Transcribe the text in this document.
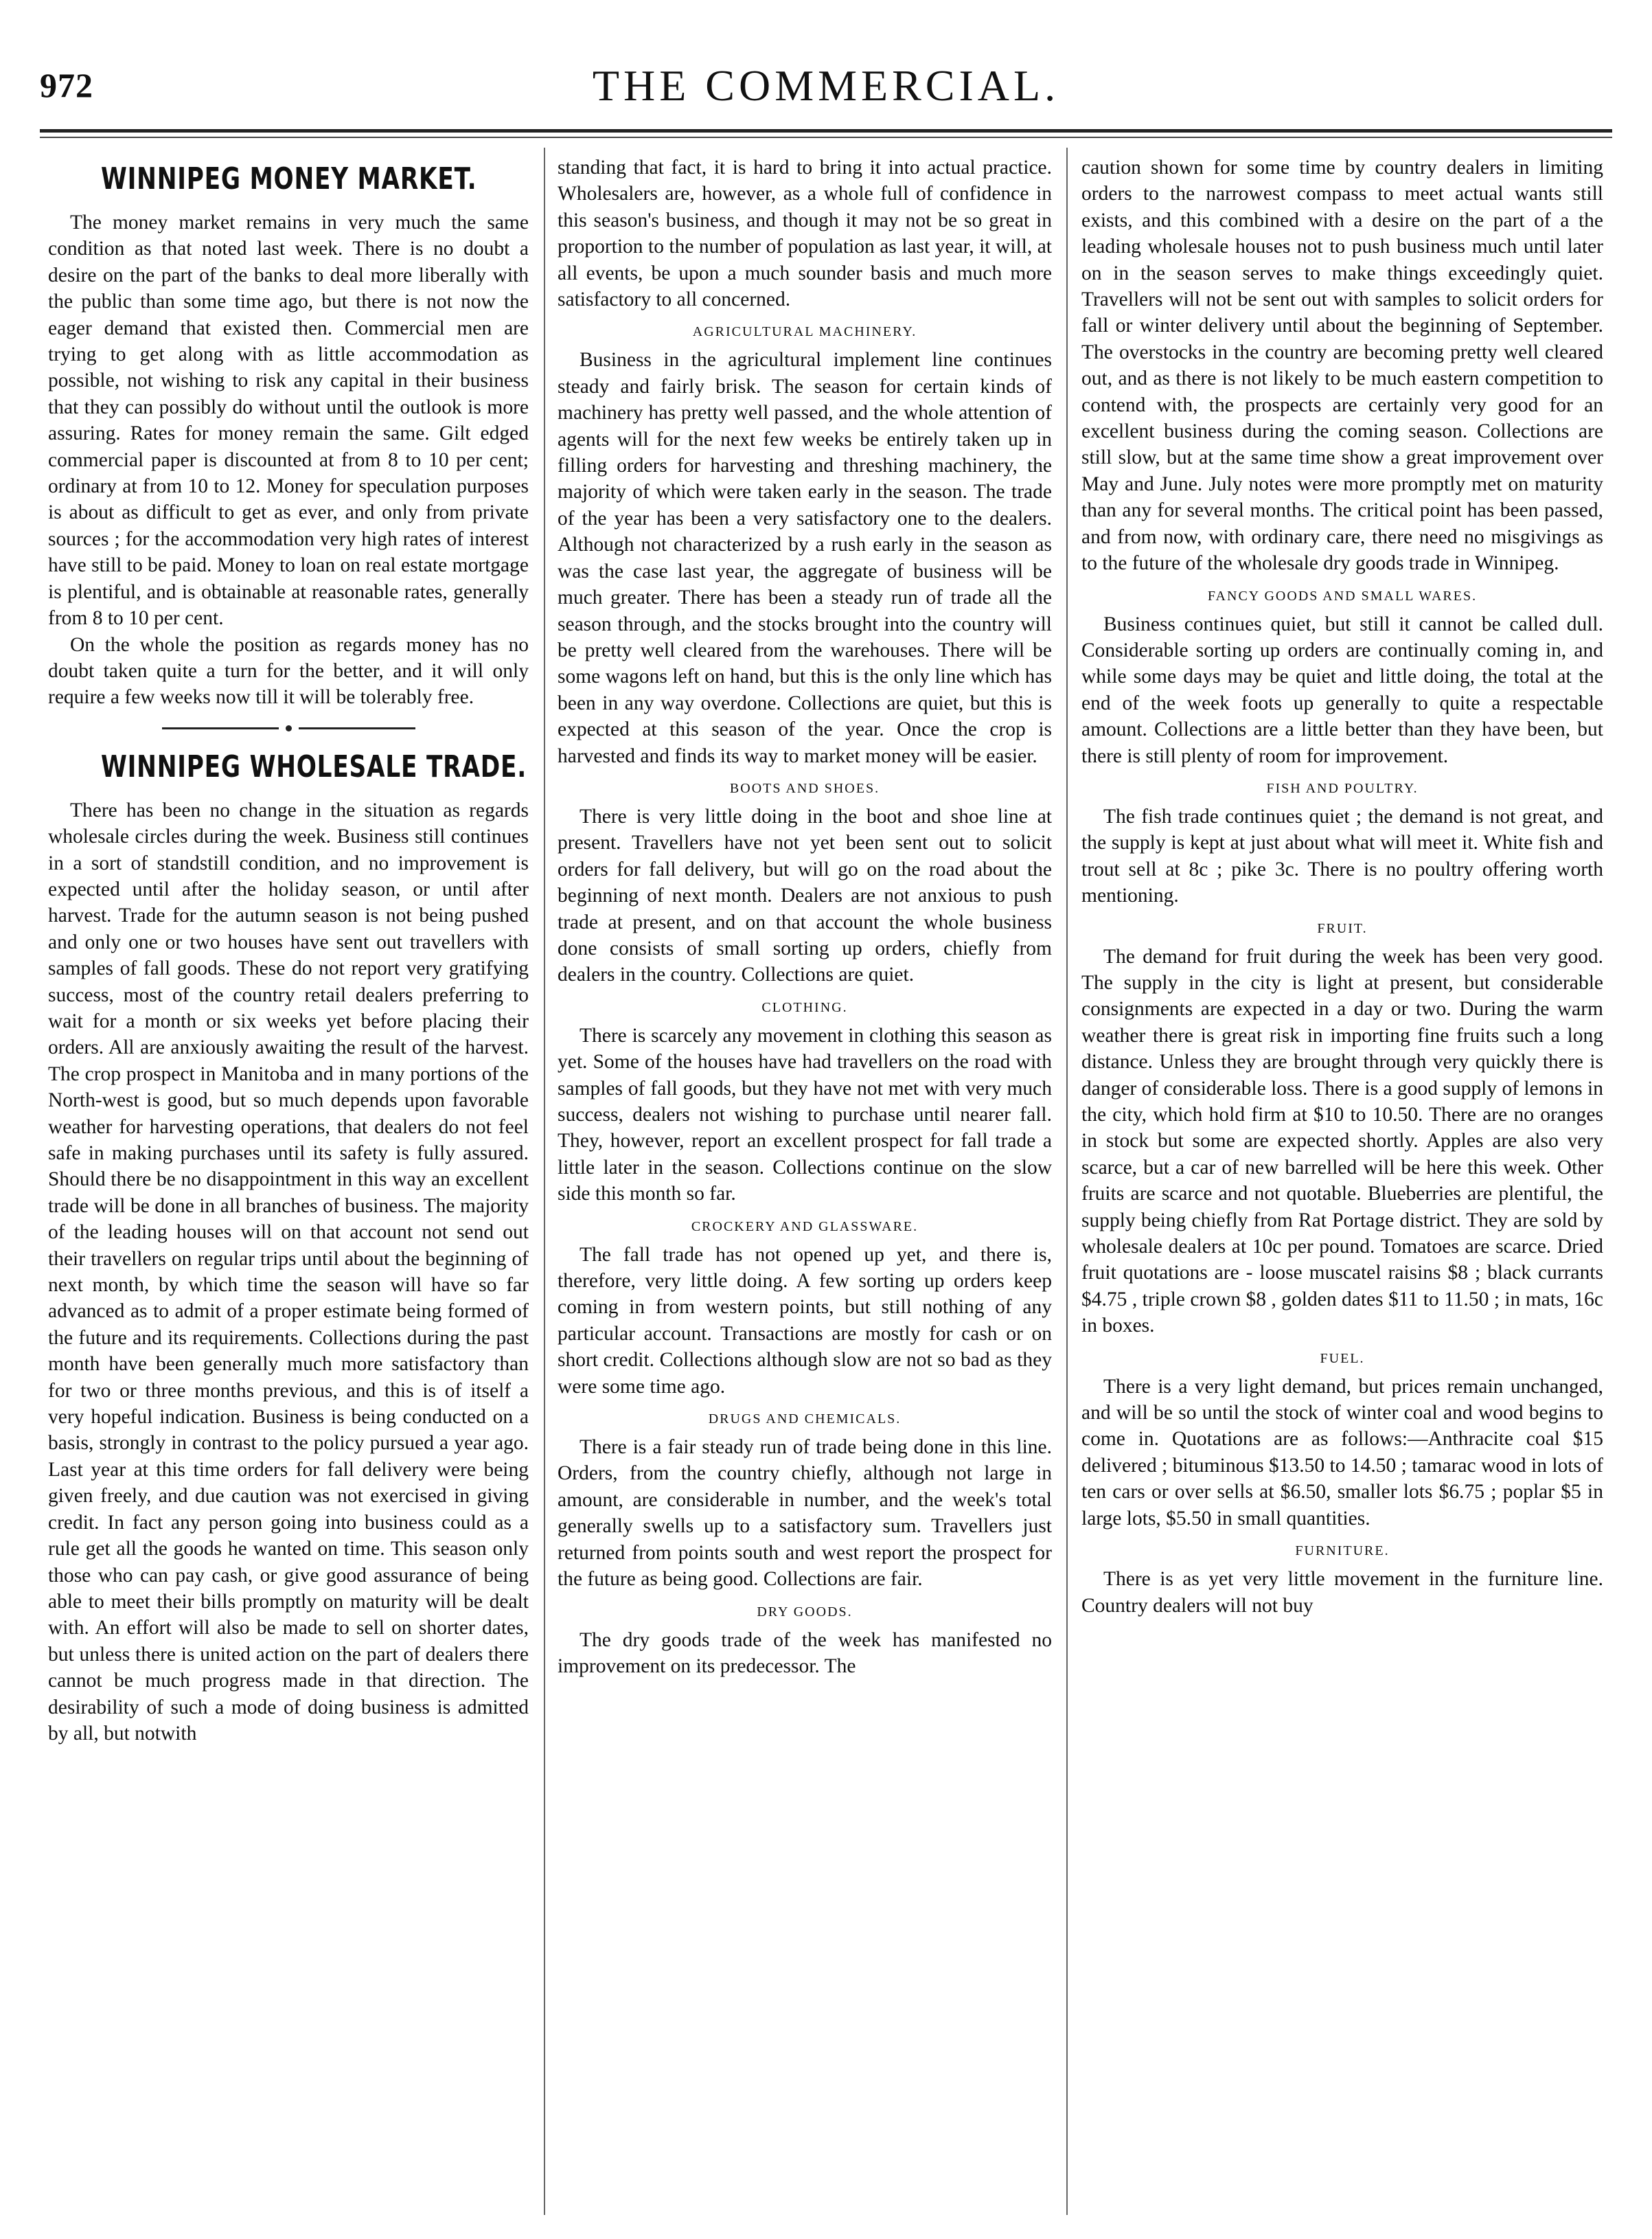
972	THE COMMERCIAL.
WINNIPEG MONEY MARKET.

The money market remains in very much the same condition as that noted last week. There is no doubt a desire on the part of the banks to deal more liberally with the public than some time ago, but there is not now the eager demand that existed then. Commercial men are trying to get along with as little accommodation as possible, not wishing to risk any capital in their business that they can possibly do without until the outlook is more assuring. Rates for money remain the same. Gilt edged commercial paper is discounted at from 8 to 10 per cent; ordinary at from 10 to 12. Money for speculation purposes is about as difficult to get as ever, and only from private sources ; for the accommodation very high rates of interest have still to be paid. Money to loan on real estate mortgage is plentiful, and is obtainable at reasonable rates, generally from 8 to 10 per cent.

On the whole the position as regards money has no doubt taken quite a turn for the better, and it will only require a few weeks now till it will be tolerably free.

WINNIPEG WHOLESALE TRADE.

There has been no change in the situation as regards wholesale circles during the week. Business still continues in a sort of standstill condition, and no improvement is expected until after the holiday season, or until after harvest. Trade for the autumn season is not being pushed and only one or two houses have sent out travellers with samples of fall goods. These do not report very gratifying success, most of the country retail dealers preferring to wait for a month or six weeks yet before placing their orders. All are anxiously awaiting the result of the harvest. The crop prospect in Manitoba and in many portions of the North-west is good, but so much depends upon favorable weather for harvesting operations, that dealers do not feel safe in making purchases until its safety is fully assured. Should there be no disappointment in this way an excellent trade will be done in all branches of business. The majority of the leading houses will on that account not send out their travellers on regular trips until about the beginning of next month, by which time the season will have so far advanced as to admit of a proper estimate being formed of the future and its requirements. Collections during the past month have been generally much more satisfactory than for two or three months previous, and this is of itself a very hopeful indication. Business is being conducted on a basis, strongly in contrast to the policy pursued a year ago. Last year at this time orders for fall delivery were being given freely, and due caution was not exercised in giving credit. In fact any person going into business could as a rule get all the goods he wanted on time. This season only those who can pay cash, or give good assurance of being able to meet their bills promptly on maturity will be dealt with. An effort will also be made to sell on shorter dates, but unless there is united action on the part of dealers there cannot be much progress made in that direction. The desirability of such a mode of doing business is admitted by all, but notwith

standing that fact, it is hard to bring it into actual practice. Wholesalers are, however, as a whole full of confidence in this season's business, and though it may not be so great in proportion to the number of population as last year, it will, at all events, be upon a much sounder basis and much more satisfactory to all concerned.

AGRICULTURAL MACHINERY.

Business in the agricultural implement line continues steady and fairly brisk. The season for certain kinds of machinery has pretty well passed, and the whole attention of agents will for the next few weeks be entirely taken up in filling orders for harvesting and threshing machinery, the majority of which were taken early in the season. The trade of the year has been a very satisfactory one to the dealers. Although not characterized by a rush early in the season as was the case last year, the aggregate of business will be much greater. There has been a steady run of trade all the season through, and the stocks brought into the country will be pretty well cleared from the warehouses. There will be some wagons left on hand, but this is the only line which has been in any way overdone. Collections are quiet, but this is expected at this season of the year. Once the crop is harvested and finds its way to market money will be easier.

BOOTS AND SHOES.

There is very little doing in the boot and shoe line at present. Travellers have not yet been sent out to solicit orders for fall delivery, but will go on the road about the beginning of next month. Dealers are not anxious to push trade at present, and on that account the whole business done consists of small sorting up orders, chiefly from dealers in the country. Collections are quiet.

CLOTHING.

There is scarcely any movement in clothing this season as yet. Some of the houses have had travellers on the road with samples of fall goods, but they have not met with very much success, dealers not wishing to purchase until nearer fall. They, however, report an excellent prospect for fall trade a little later in the season. Collections continue on the slow side this month so far.

CROCKERY AND GLASSWARE.

The fall trade has not opened up yet, and there is, therefore, very little doing. A few sorting up orders keep coming in from western points, but still nothing of any particular account. Transactions are mostly for cash or on short credit. Collections although slow are not so bad as they were some time ago.

DRUGS AND CHEMICALS.

There is a fair steady run of trade being done in this line. Orders, from the country chiefly, although not large in amount, are considerable in number, and the week's total generally swells up to a satisfactory sum. Travellers just returned from points south and west report the prospect for the future as being good. Collections are fair.

DRY GOODS.

The dry goods trade of the week has manifested no improvement on its predecessor. The

caution shown for some time by country dealers in limiting orders to the narrowest compass to meet actual wants still exists, and this combined with a desire on the part of a the leading wholesale houses not to push business much until later on in the season serves to make things exceedingly quiet. Travellers will not be sent out with samples to solicit orders for fall or winter delivery until about the beginning of September. The overstocks in the country are becoming pretty well cleared out, and as there is not likely to be much eastern competition to contend with, the prospects are certainly very good for an excellent business during the coming season. Collections are still slow, but at the same time show a great improvement over May and June. July notes were more promptly met on maturity than any for several months. The critical point has been passed, and from now, with ordinary care, there need no misgivings as to the future of the wholesale dry goods trade in Winnipeg.

FANCY GOODS AND SMALL WARES.

Business continues quiet, but still it cannot be called dull. Considerable sorting up orders are continually coming in, and while some days may be quiet and little doing, the total at the end of the week foots up generally to quite a respectable amount. Collections are a little better than they have been, but there is still plenty of room for improvement.

FISH AND POULTRY.

The fish trade continues quiet ; the demand is not great, and the supply is kept at just about what will meet it. White fish and trout sell at 8c ; pike 3c. There is no poultry offering worth mentioning.

FRUIT.

The demand for fruit during the week has been very good. The supply in the city is light at present, but considerable consignments are expected in a day or two. During the warm weather there is great risk in importing fine fruits such a long distance. Unless they are brought through very quickly there is danger of considerable loss. There is a good supply of lemons in the city, which hold firm at $10 to 10.50. There are no oranges in stock but some are expected shortly. Apples are also very scarce, but a car of new barrelled will be here this week. Other fruits are scarce and not quotable. Blueberries are plentiful, the supply being chiefly from Rat Portage district. They are sold by wholesale dealers at 10c per pound. Tomatoes are scarce. Dried fruit quotations are - loose muscatel raisins $8 ; black currants $4.75 , triple crown $8 , golden dates $11 to 11.50 ; in mats, 16c in boxes.

FUEL.

There is a very light demand, but prices remain unchanged, and will be so until the stock of winter coal and wood begins to come in. Quotations are as follows:—Anthracite coal $15 delivered ; bituminous $13.50 to 14.50 ; tamarac wood in lots of ten cars or over sells at $6.50, smaller lots $6.75 ; poplar $5 in large lots, $5.50 in small quantities.

FURNITURE.

There is as yet very little movement in the furniture line. Country dealers will not buy
